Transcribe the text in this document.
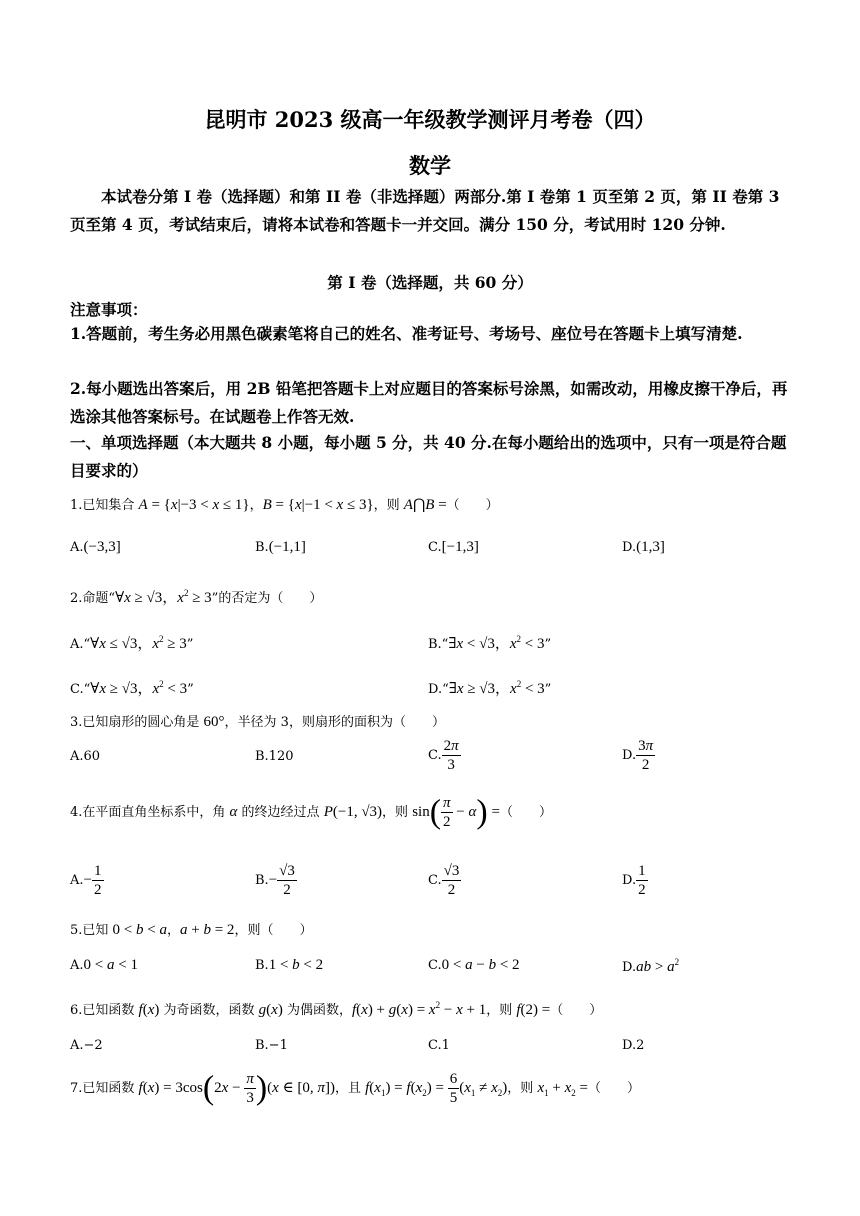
昆明市 2023 级高一年级教学测评月考卷（四）
数学
本试卷分第 I 卷（选择题）和第 II 卷（非选择题）两部分.第 I 卷第 1 页至第 2 页，第 II 卷第 3 页至第 4 页，考试结束后，请将本试卷和答题卡一并交回。满分 150 分，考试用时 120 分钟.
第 I 卷（选择题，共 60 分）
注意事项：
1.答题前，考生务必用黑色碳素笔将自己的姓名、准考证号、考场号、座位号在答题卡上填写清楚.
2.每小题选出答案后，用 2B 铅笔把答题卡上对应题目的答案标号涂黑，如需改动，用橡皮擦干净后，再选涂其他答案标号。在试题卷上作答无效.
一、单项选择题（本大题共 8 小题，每小题 5 分，共 40 分.在每小题给出的选项中，只有一项是符合题目要求的）
1.已知集合 A = {x|−3 < x ≤ 1}，B = {x|−1 < x ≤ 3}，则 A⋂B =（　　）
A.(−3,3]	B.(−1,1]	C.[−1,3]	D.(1,3]
2.命题“∀x ≥ √3，$x^2 \ge 3$”的否定为（　　）
A.“∀x ≤ √3，$x^2 \ge 3$”	B.“∃x < √3，$x^2 < 3$”
C.“∀x ≥ √3，$x^2 < 3$”	D.“∃x ≥ √3，$x^2 < 3$”
3.已知扇形的圆心角是 60°，半径为 3，则扇形的面积为（　　）
A.60	B.120	C. $\frac{2\pi}{3}$	D. $\frac{3\pi}{2}$
4.在平面直角坐标系中，角 α 的终边经过点 P(−1, √3)，则 $\sin( \frac{\pi}{2} - \alpha)$ =（　　）
$A.- \frac{1}{2}$	$B.- \frac{√3}{2}$	C. $\frac{√3}{2}$	D. $\frac{1}{2}$
5.已知 0 < b < a，a + b = 2，则（　　）
A.0 < a < 1	B.1 < b < 2	C.0 < a − b < 2	$D.ab > a^2$
6.已知函数 f(x) 为奇函数，函数 g(x) 为偶函数，$f(x) + g(x) = x^2 - x + 1$，则 f(2) =（　　）
A.−2	B.−1	C.1	D.2
7.已知函数 $f(x) = 3\cos(2x - \frac{\pi}{3} )(x$ ∈ [0, π])，且 $f(x_1) = f(x_2) = \frac{6}{5} (x_1 \ne x_2)$，则 $x_1 + x_2$ =（　　）
